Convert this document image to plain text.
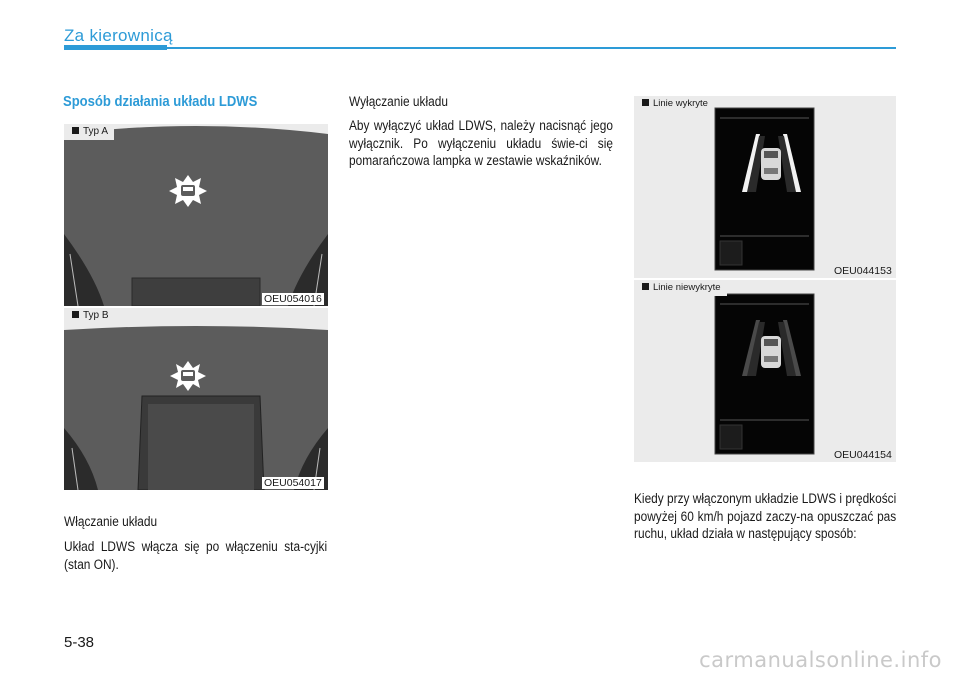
Za kierownicą
Sposób działania układu LDWS
Typ A
OEU054016
Typ B
OEU054017
Włączanie układu
Układ LDWS włącza się po włączeniu sta-cyjki (stan ON).
Wyłączanie układu
Aby wyłączyć układ LDWS, należy nacisnąć jego wyłącznik. Po wyłączeniu układu świe-ci się pomarańczowa lampka w zestawie wskaźników.
Linie wykryte
OEU044153
Linie niewykryte
OEU044154
Kiedy przy włączonym układzie LDWS i prędkości powyżej 60 km/h pojazd zaczy-na opuszczać pas ruchu, układ działa w następujący sposób:
5-38
carmanualsonline.info
